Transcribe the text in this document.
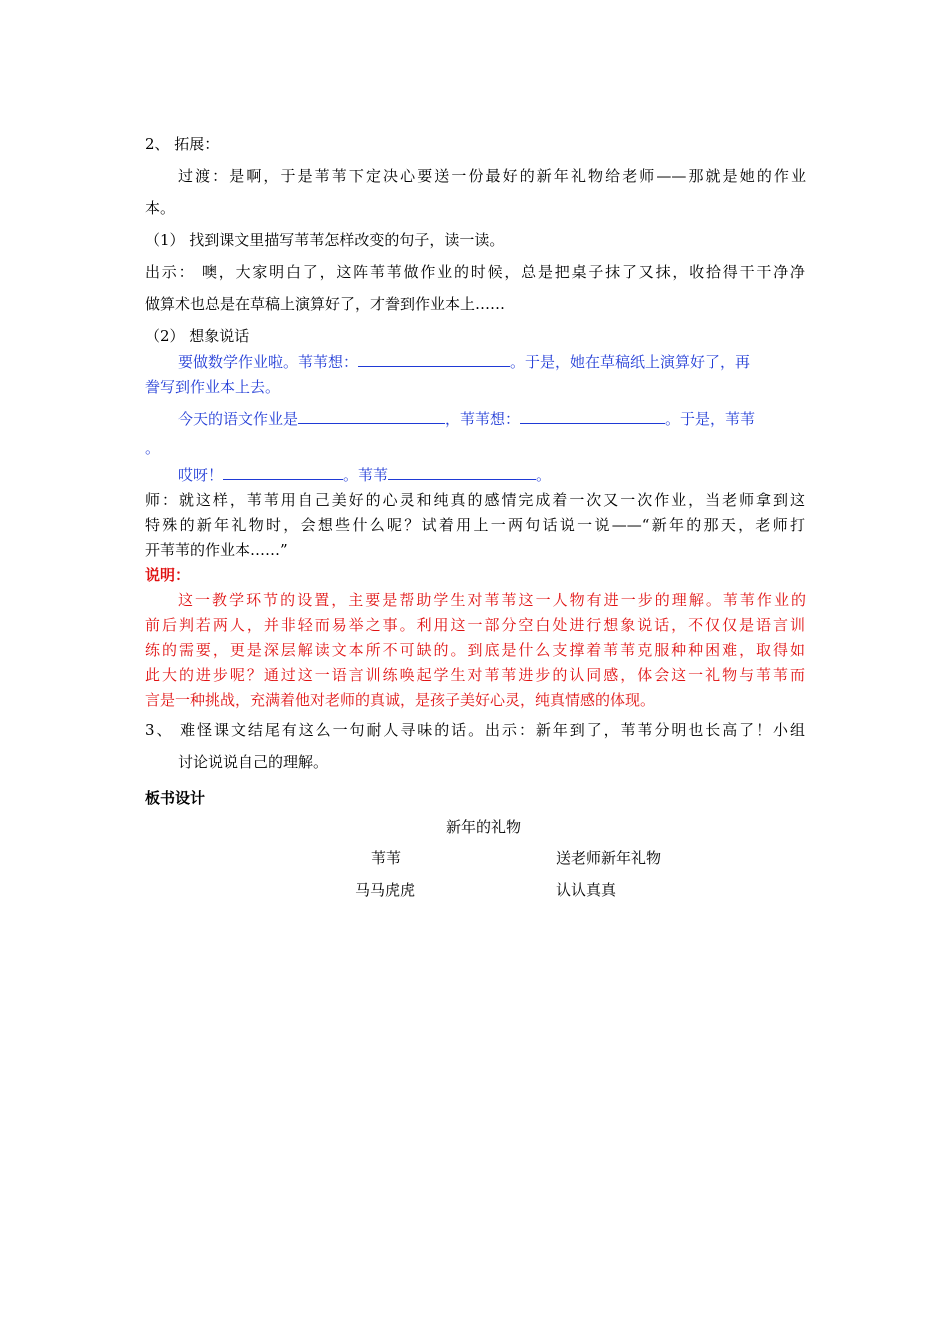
2、 拓展：
过渡：是啊，于是苇苇下定决心要送一份最好的新年礼物给老师——那就是她的作业
本。
（1） 找到课文里描写苇苇怎样改变的句子，读一读。
出示： 噢，大家明白了，这阵苇苇做作业的时候，总是把桌子抹了又抹，收拾得干干净净
做算术也总是在草稿上演算好了，才誊到作业本上……
（2） 想象说话
要做数学作业啦。苇苇想：	。于是，她在草稿纸上演算好了，再
誊写到作业本上去。
今天的语文作业是	，苇苇想：	。于是，苇苇
。
哎呀！	。苇苇	。
师：就这样，苇苇用自己美好的心灵和纯真的感情完成着一次又一次作业，当老师拿到这
特殊的新年礼物时，会想些什么呢？试着用上一两句话说一说——“新年的那天，老师打
开苇苇的作业本……”
说明：
这一教学环节的设置，主要是帮助学生对苇苇这一人物有进一步的理解。苇苇作业的
前后判若两人，并非轻而易举之事。利用这一部分空白处进行想象说话，不仅仅是语言训
练的需要，更是深层解读文本所不可缺的。到底是什么支撑着苇苇克服种种困难，取得如
此大的进步呢？通过这一语言训练唤起学生对苇苇进步的认同感，体会这一礼物与苇苇而
言是一种挑战，充满着他对老师的真诚，是孩子美好心灵，纯真情感的体现。
3、 难怪课文结尾有这么一句耐人寻味的话。出示：新年到了，苇苇分明也长高了！小组
讨论说说自己的理解。
板书设计
新年的礼物
苇苇	送老师新年礼物
马马虎虎	认认真真
